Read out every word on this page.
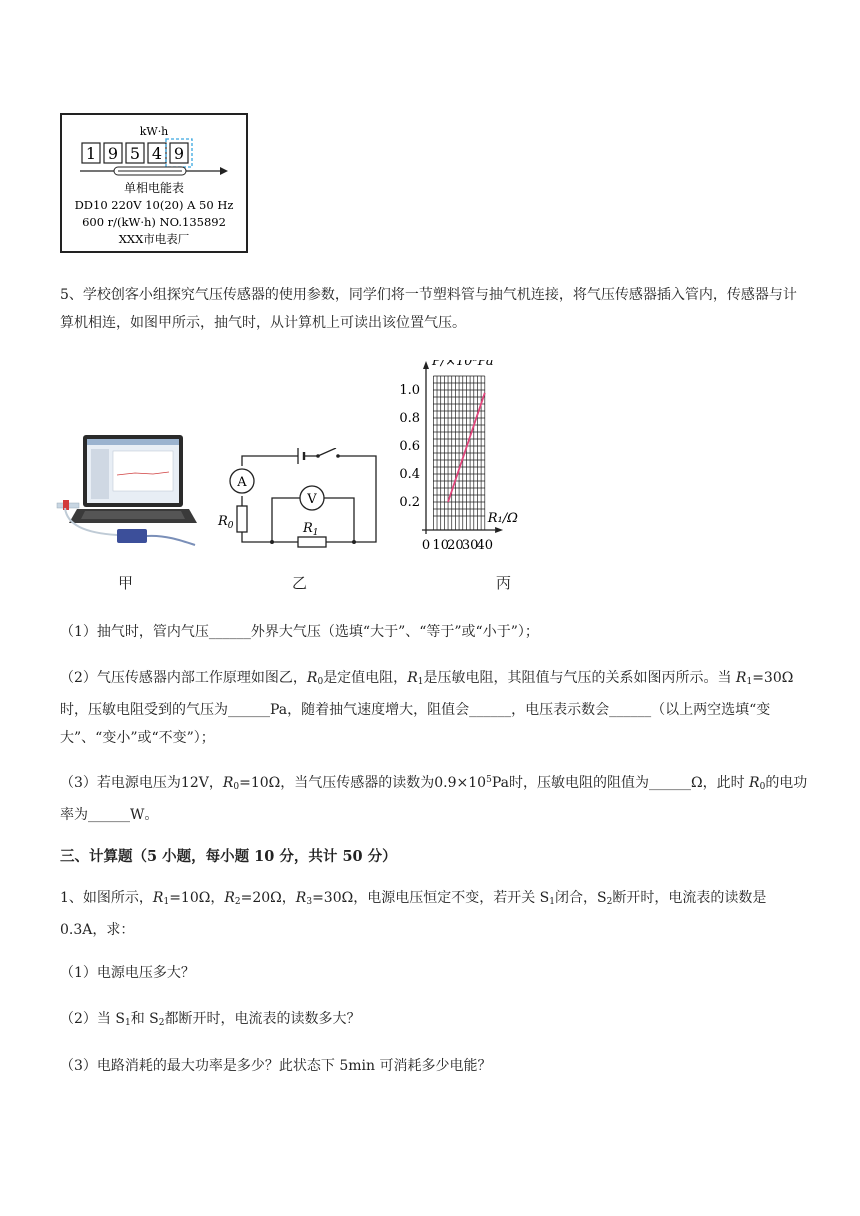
kW·h
1 9 5 4 9
单相电能表
DD10 220V 10(20) A 50 Hz
600 r/(kW·h) NO.135892
XXX市电表厂

5、学校创客小组探究气压传感器的使用参数，同学们将一节塑料管与抽气机连接，将气压传感器插入管内，传感器与计算机相连，如图甲所示，抽气时，从计算机上可读出该位置气压。

A
$R_0$
V
$R_1$
0 10
20
30
40
0.2
0.4
0.6
0.8
1.0
P/×10⁵Pa
R₁/Ω
甲	乙	丙

（1）抽气时，管内气压______外界大气压（选填“大于”、“等于”或“小于”）；

（2）气压传感器内部工作原理如图乙，$R_0$是定值电阻，$R_1$是压敏电阻，其阻值与气压的关系如图丙所示。当 $R_1=30\Omega$时，压敏电阻受到的气压为______Pa，随着抽气速度增大，阻值会______，电压表示数会______（以上两空选填“变大”、“变小”或“不变”）；

（3）若电源电压为12V，$R_0=10\Omega$，当气压传感器的读数为$0.9\times 10^5Pa$时，压敏电阻的阻值为______Ω，此时 $R_0$的电功率为______W。

三、计算题（5 小题，每小题 10 分，共计 50 分）

1、如图所示，$R_1=10\Omega$，$R_2=20\Omega$，$R_3=30\Omega$，电源电压恒定不变，若开关 $S_1$闭合，$S_2$断开时，电流表的读数是 0.3A，求：

（1）电源电压多大？

（2）当 $S_1$和 $S_2$都断开时，电流表的读数多大？

（3）电路消耗的最大功率是多少？此状态下 5min 可消耗多少电能？
